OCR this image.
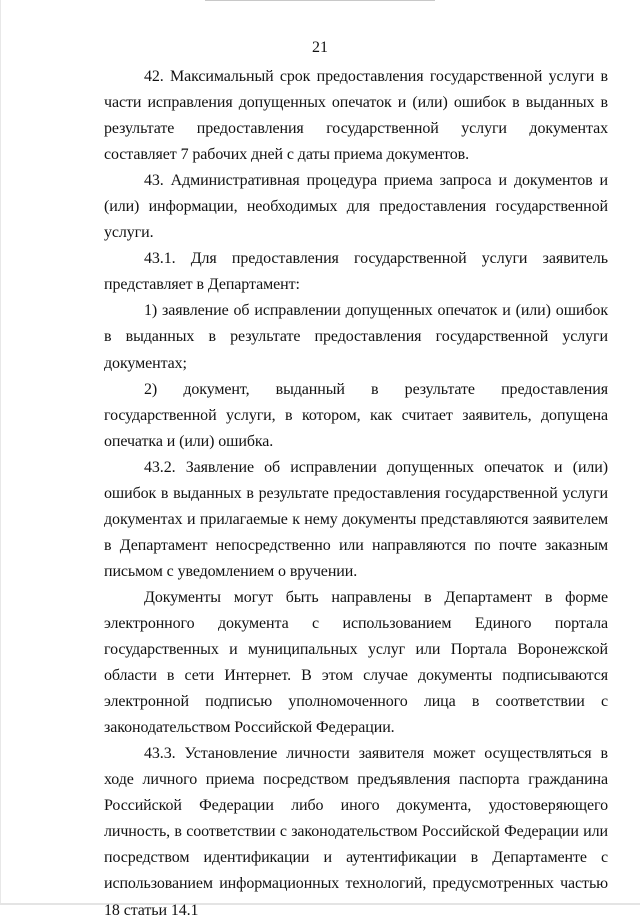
21

42. Максимальный срок предоставления государственной услуги в части исправления допущенных опечаток и (или) ошибок в выданных в результате предоставления государственной услуги документах составляет 7 рабочих дней с даты приема документов.

43. Административная процедура приема запроса и документов и (или) информации, необходимых для предоставления государственной услуги.

43.1. Для предоставления государственной услуги заявитель представляет в Департамент:

1) заявление об исправлении допущенных опечаток и (или) ошибок в выданных в результате предоставления государственной услуги документах;

2) документ, выданный в результате предоставления государственной услуги, в котором, как считает заявитель, допущена опечатка и (или) ошибка.

43.2. Заявление об исправлении допущенных опечаток и (или) ошибок в выданных в результате предоставления государственной услуги документах и прилагаемые к нему документы представляются заявителем в Департамент непосредственно или направляются по почте заказным письмом с уведомлением о вручении.

Документы могут быть направлены в Департамент в форме электронного документа с использованием Единого портала государственных и муниципальных услуг или Портала Воронежской области в сети Интернет. В этом случае документы подписываются электронной подписью уполномоченного лица в соответствии с законодательством Российской Федерации.

43.3. Установление личности заявителя может осуществляться в ходе личного приема посредством предъявления паспорта гражданина Российской Федерации либо иного документа, удостоверяющего личность, в соответствии с законодательством Российской Федерации или посредством идентификации и аутентификации в Департаменте с использованием информационных технологий, предусмотренных частью 18 статьи 14.1
